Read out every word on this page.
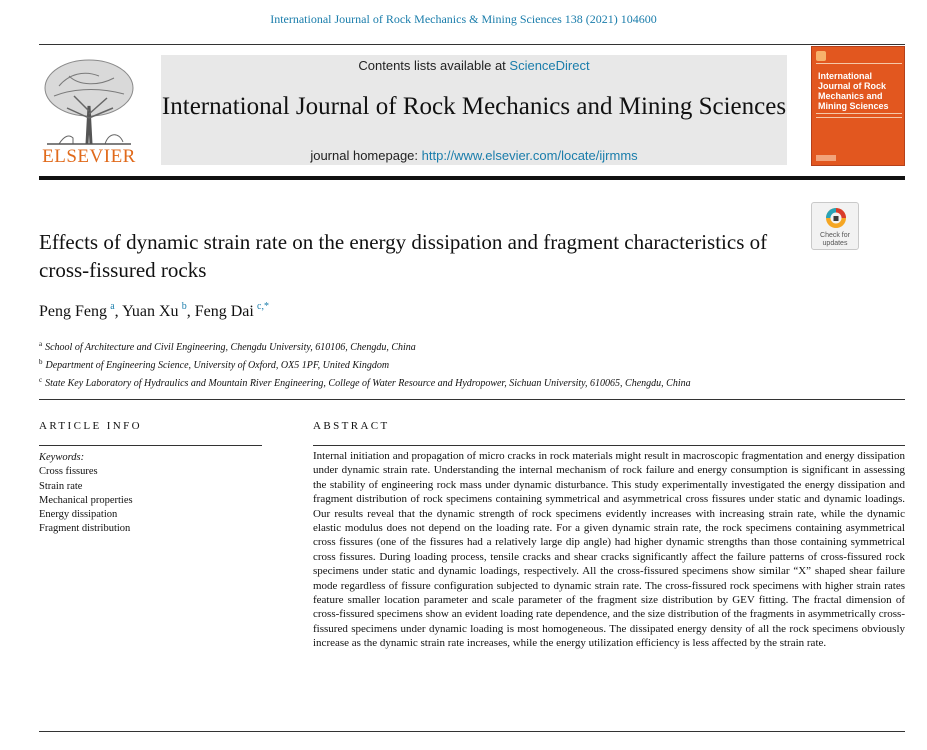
International Journal of Rock Mechanics & Mining Sciences 138 (2021) 104600
ELSEVIER
Contents lists available at ScienceDirect
International Journal of Rock Mechanics and Mining Sciences
journal homepage: http://www.elsevier.com/locate/ijrmms
International Journal of Rock Mechanics and Mining Sciences
Check for
updates
Effects of dynamic strain rate on the energy dissipation and fragment characteristics of cross-fissured rocks
Peng Feng  $^a$, Yuan Xu  $^b$, Feng Dai  $^{c,*}$
$^a$ School of Architecture and Civil Engineering, Chengdu University, 610106, Chengdu, China
$^b$ Department of Engineering Science, University of Oxford, OX5 1PF, United Kingdom
$^c$ State Key Laboratory of Hydraulics and Mountain River Engineering, College of Water Resource and Hydropower, Sichuan University, 610065, Chengdu, China
ARTICLE INFO	ABSTRACT
Keywords:
Cross fissures
Strain rate
Mechanical properties
Energy dissipation
Fragment distribution
Internal initiation and propagation of micro cracks in rock materials might result in macroscopic fragmentation and energy dissipation under dynamic strain rate. Understanding the internal mechanism of rock failure and energy consumption is significant in assessing the stability of engineering rock mass under dynamic disturbance. This study experimentally investigated the energy dissipation and fragment distribution of rock specimens containing symmetrical and asymmetrical cross fissures under static and dynamic loadings. Our results reveal that the dynamic strength of rock specimens evidently increases with increasing strain rate, while the dynamic elastic modulus does not depend on the loading rate. For a given dynamic strain rate, the rock specimens containing asymmetrical cross fissures (one of the fissures had a relatively large dip angle) had higher dynamic strengths than those containing symmetrical cross fissures. During loading process, tensile cracks and shear cracks significantly affect the failure patterns of cross-fissured rock specimens under static and dynamic loadings, respectively. All the cross-fissured specimens show similar “X” shaped shear failure mode regardless of fissure configuration subjected to dynamic strain rate. The cross-fissured rock specimens with higher strain rates feature smaller location parameter and scale parameter of the fragment size distribution by GEV fitting. The fractal dimension of cross-fissured specimens show an evident loading rate dependence, and the size distribution of the fragments in asymmetrically cross-fissured specimens under dynamic loading is most homogeneous. The dissipated energy density of all the rock specimens obviously increase as the dynamic strain rate increases, while the energy utilization efficiency is less affected by the strain rate.
